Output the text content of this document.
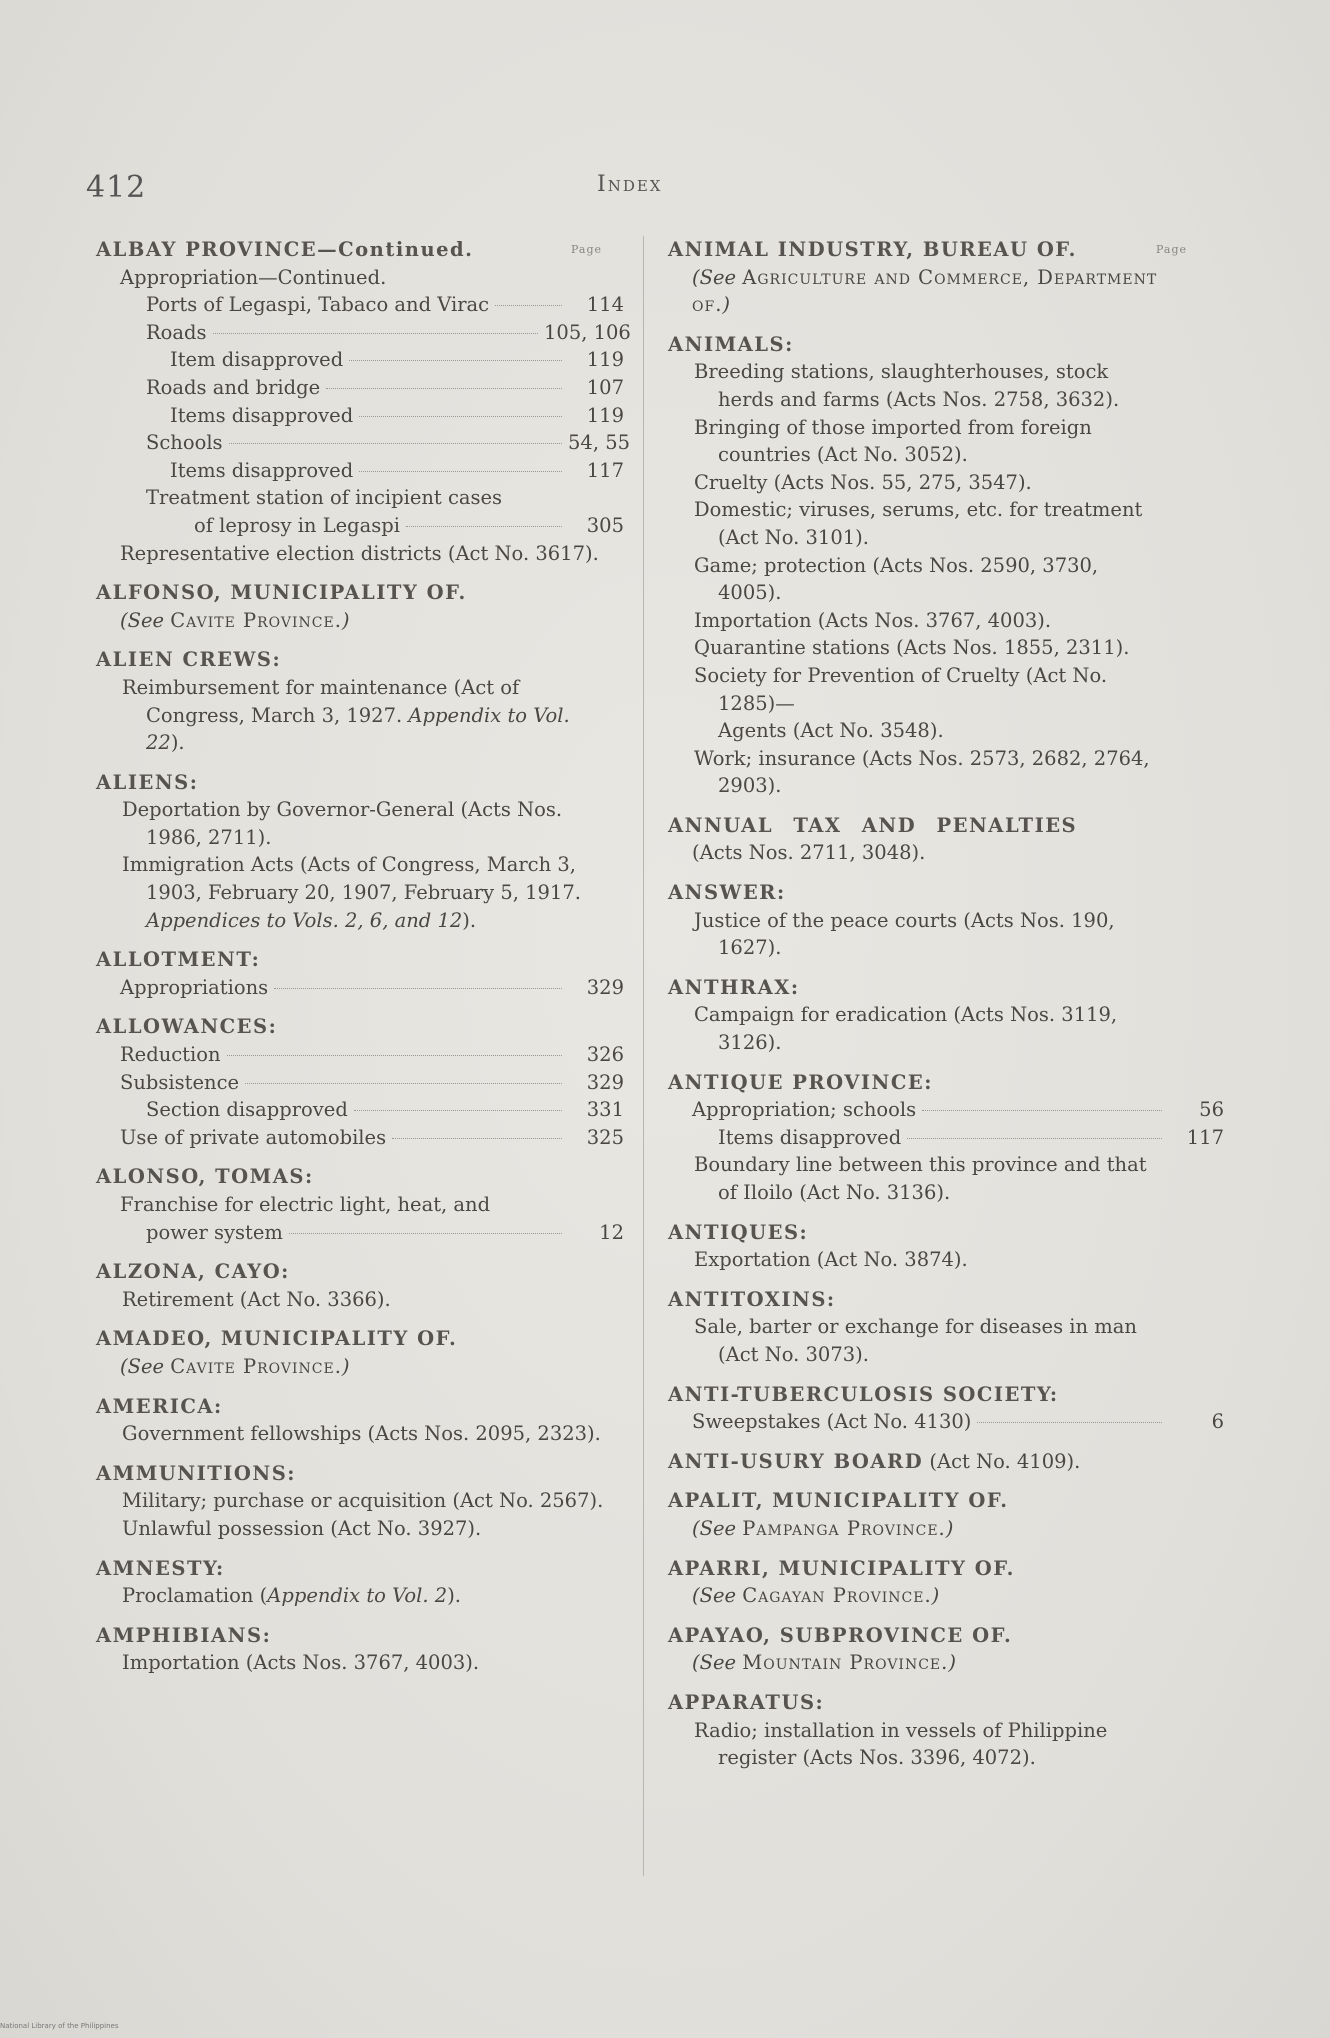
412	Index
Page
ALBAY PROVINCE—Continued.
Appropriation—Continued.
Ports of Legaspi, Tabaco and Virac	114
Roads	105, 106
Item disapproved	119
Roads and bridge	107
Items disapproved	119
Schools	54, 55
Items disapproved	117
Treatment station of incipient cases
of leprosy in Legaspi	305
Representative election districts (Act No. 3617).
ALFONSO, MUNICIPALITY OF.
(See Cavite Province.)
ALIEN CREWS:
Reimbursement for maintenance (Act of Congress, March 3, 1927. Appendix to Vol. 22).
ALIENS:
Deportation by Governor-General (Acts Nos. 1986, 2711).
Immigration Acts (Acts of Congress, March 3, 1903, February 20, 1907, February 5, 1917. Appendices to Vols. 2, 6, and 12).
ALLOTMENT:
Appropriations	329
ALLOWANCES:
Reduction	326
Subsistence	329
Section disapproved	331
Use of private automobiles	325
ALONSO, TOMAS:
Franchise for electric light, heat, and
power system	12
ALZONA, CAYO:
Retirement (Act No. 3366).
AMADEO, MUNICIPALITY OF.
(See Cavite Province.)
AMERICA:
Government fellowships (Acts Nos. 2095, 2323).
AMMUNITIONS:
Military; purchase or acquisition (Act No. 2567).
Unlawful possession (Act No. 3927).
AMNESTY:
Proclamation (Appendix to Vol. 2).
AMPHIBIANS:
Importation (Acts Nos. 3767, 4003).
Page
ANIMAL INDUSTRY, BUREAU OF.
(See Agriculture and Commerce, Department of.)
ANIMALS:
Breeding stations, slaughterhouses, stock herds and farms (Acts Nos. 2758, 3632).
Bringing of those imported from foreign countries (Act No. 3052).
Cruelty (Acts Nos. 55, 275, 3547).
Domestic; viruses, serums, etc. for treatment (Act No. 3101).
Game; protection (Acts Nos. 2590, 3730, 4005).
Importation (Acts Nos. 3767, 4003).
Quarantine stations (Acts Nos. 1855, 2311).
Society for Prevention of Cruelty (Act No. 1285)—
Agents (Act No. 3548).
Work; insurance (Acts Nos. 2573, 2682, 2764, 2903).
ANNUAL TAX AND PENALTIES
(Acts Nos. 2711, 3048).
ANSWER:
Justice of the peace courts (Acts Nos. 190, 1627).
ANTHRAX:
Campaign for eradication (Acts Nos. 3119, 3126).
ANTIQUE PROVINCE:
Appropriation; schools	56
Items disapproved	117
Boundary line between this province and that of Iloilo (Act No. 3136).
ANTIQUES:
Exportation (Act No. 3874).
ANTITOXINS:
Sale, barter or exchange for diseases in man (Act No. 3073).
ANTI-TUBERCULOSIS SOCIETY:
Sweepstakes (Act No. 4130)	6
ANTI-USURY BOARD (Act No. 4109).
APALIT, MUNICIPALITY OF.
(See Pampanga Province.)
APARRI, MUNICIPALITY OF.
(See Cagayan Province.)
APAYAO, SUBPROVINCE OF.
(See Mountain Province.)
APPARATUS:
Radio; installation in vessels of Philippine register (Acts Nos. 3396, 4072).
National Library of the Philippines
